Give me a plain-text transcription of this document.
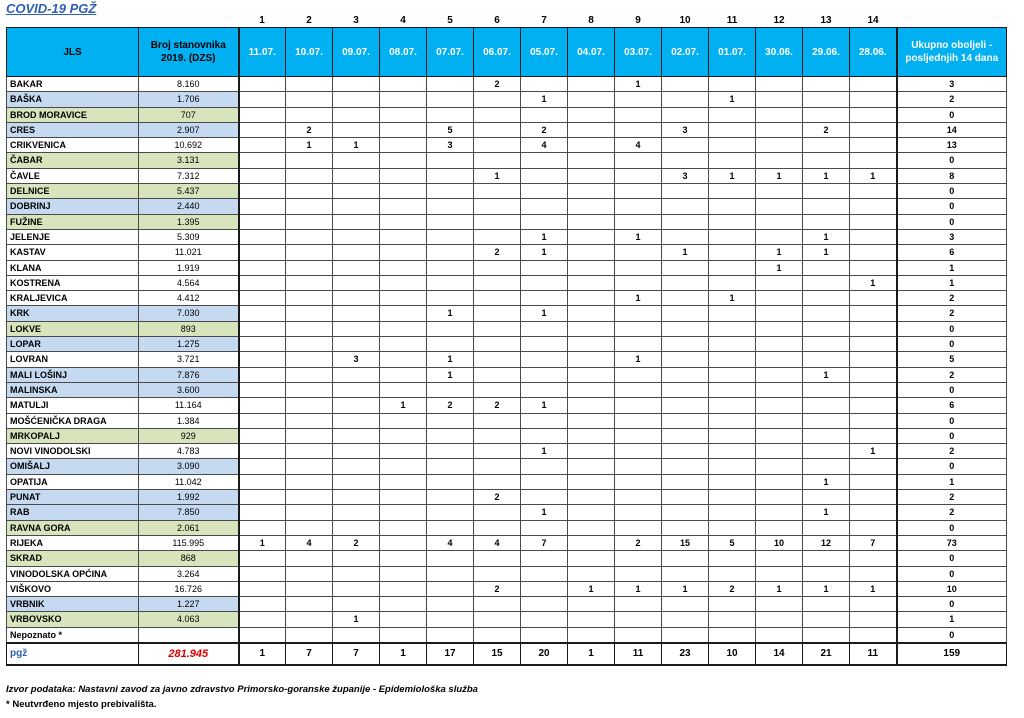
COVID-19 PGŽ
		1	2	3	4	5	6	7	8	9	10	11	12	13	14	
JLS	Broj stanovnika 2019. (DZS)	11.07.	10.07.	09.07.	08.07.	07.07.	06.07.	05.07.	04.07.	03.07.	02.07.	01.07.	30.06.	29.06.	28.06.	Ukupno oboljeli - posljednjih 14 dana

BAKAR	8.160						2			1						3
BAŠKA	1.706							1				1				2
BROD MORAVICE	707															0
CRES	2.907		2			5		2			3			2		14
CRIKVENICA	10.692		1	1		3		4		4						13
ČABAR	3.131															0
ČAVLE	7.312						1				3	1	1	1	1	8
DELNICE	5.437															0
DOBRINJ	2.440															0
FUŽINE	1.395															0
JELENJE	5.309							1		1				1		3
KASTAV	11.021						2	1			1		1	1		6
KLANA	1.919												1			1
KOSTRENA	4.564														1	1
KRALJEVICA	4.412									1		1				2
KRK	7.030					1		1								2
LOKVE	893															0
LOPAR	1.275															0
LOVRAN	3.721			3		1				1						5
MALI LOŠINJ	7.876					1								1		2
MALINSKA	3.600															0
MATULJI	11.164				1	2	2	1								6
MOŠĆENIČKA DRAGA	1.384															0
MRKOPALJ	929															0
NOVI VINODOLSKI	4.783							1							1	2
OMIŠALJ	3.090															0
OPATIJA	11.042													1		1
PUNAT	1.992						2									2
RAB	7.850							1						1		2
RAVNA GORA	2.061															0
RIJEKA	115.995	1	4	2		4	4	7		2	15	5	10	12	7	73
SKRAD	868															0
VINODOLSKA OPĆINA	3.264															0
VIŠKOVO	16.726						2		1	1	1	2	1	1	1	10
VRBNIK	1.227															0
VRBOVSKO	4.063			1												1
Nepoznato *																0
pgž	281.945	1	7	7	1	17	15	20	1	11	23	10	14	21	11	159

Izvor podataka: Nastavni zavod za javno zdravstvo Primorsko-goranske županije - Epidemiološka služba

* Neutvrđeno mjesto prebivališta.
